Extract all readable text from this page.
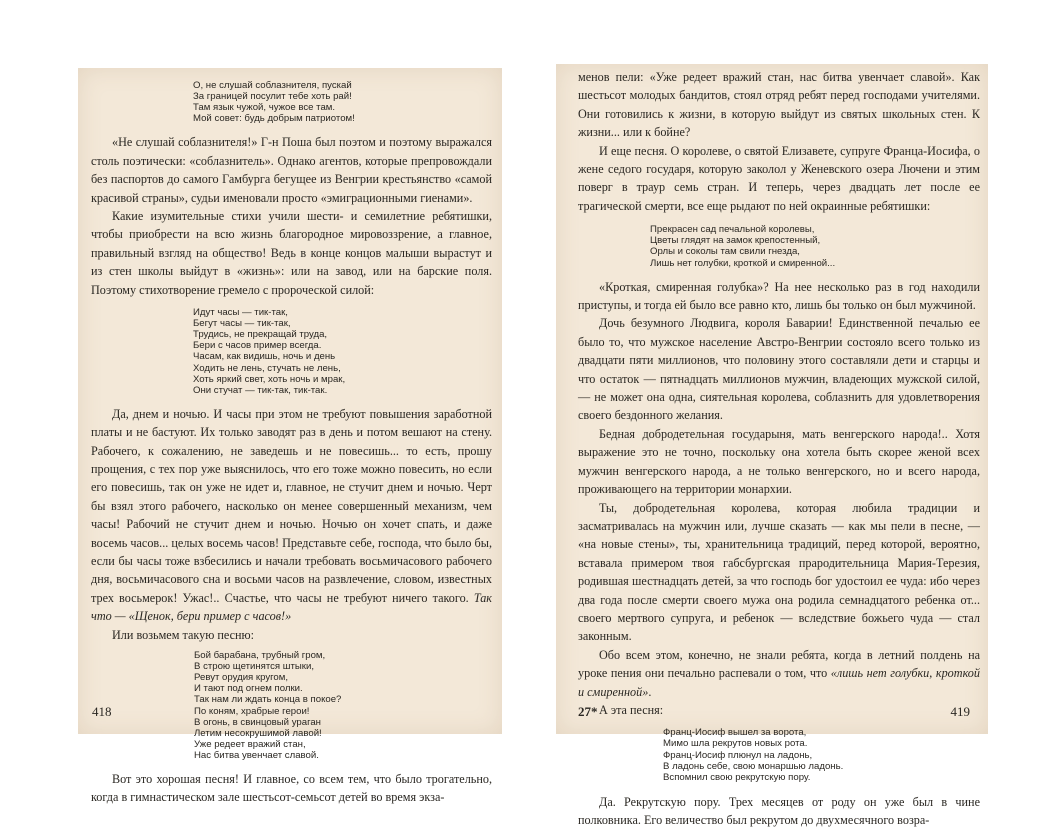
О, не слушай соблазнителя, пускай
За границей посулит тебе хоть рай!
Там язык чужой, чужое все там.
Мой совет: будь добрым патриотом!

«Не слушай соблазнителя!» Г-н Поша был поэтом и поэтому выражался столь поэтически: «соблазнитель». Однако агентов, которые препровождали без паспортов до самого Гамбурга бегущее из Венгрии крестьянство «самой красивой страны», судьи именовали просто «эмиграционными гиенами».

Какие изумительные стихи учили шести- и семилетние ребятишки, чтобы приобрести на всю жизнь благородное мировоззрение, а главное, правильный взгляд на общество! Ведь в конце концов малыши вырастут и из стен школы выйдут в «жизнь»: или на завод, или на барские поля. Поэтому стихотворение гремело с пророческой силой:

Идут часы — тик-так,
Бегут часы — тик-так,
Трудись, не прекращай труда,
Бери с часов пример всегда.
Часам, как видишь, ночь и день
Ходить не лень, стучать не лень,
Хоть яркий свет, хоть ночь и мрак,
Они стучат — тик-так, тик-так.

Да, днем и ночью. И часы при этом не требуют повышения заработной платы и не бастуют. Их только заводят раз в день и потом вешают на стену. Рабочего, к сожалению, не заведешь и не повесишь... то есть, прошу прощения, с тех пор уже выяснилось, что его тоже можно повесить, но если его повесишь, так он уже не идет и, главное, не стучит днем и ночью. Черт бы взял этого рабочего, насколько он менее совершенный механизм, чем часы! Рабочий не стучит днем и ночью. Ночью он хочет спать, и даже восемь часов... целых восемь часов! Представьте себе, господа, что было бы, если бы часы тоже взбесились и начали требовать восьмичасового рабочего дня, восьмичасового сна и восьми часов на развлечение, словом, известных трех восьмерок! Ужас!.. Счастье, что часы не требуют ничего такого. Так что — «Щенок, бери пример с часов!»

Или возьмем такую песню:

Бой барабана, трубный гром,
В строю щетинятся штыки,
Ревут орудия кругом,
И тают под огнем полки.
Так нам ли ждать конца в покое?
По коням, храбрые герои!
В огонь, в свинцовый ураган
Летим несокрушимой лавой!
Уже редеет вражий стан,
Нас битва увенчает славой.

Вот это хорошая песня! И главное, со всем тем, что было трогательно, когда в гимнастическом зале шестьсот-семьсот детей во время экза-

418

менов пели: «Уже редеет вражий стан, нас битва увенчает славой». Как шестьсот молодых бандитов, стоял отряд ребят перед господами учителями. Они готовились к жизни, в которую выйдут из святых школьных стен. К жизни... или к бойне?

И еще песня. О королеве, о святой Елизавете, супруге Франца-Иосифа, о жене седого государя, которую заколол у Женевского озера Лючени и этим поверг в траур семь стран. И теперь, через двадцать лет после ее трагической смерти, все еще рыдают по ней окраинные ребятишки:

Прекрасен сад печальной королевы,
Цветы глядят на замок крепостенный,
Орлы и соколы там свили гнезда,
Лишь нет голубки, кроткой и смиренной...

«Кроткая, смиренная голубка»? На нее несколько раз в год находили приступы, и тогда ей было все равно кто, лишь бы только он был мужчиной.

Дочь безумного Людвига, короля Баварии! Единственной печалью ее было то, что мужское население Австро-Венгрии состояло всего только из двадцати пяти миллионов, что половину этого составляли дети и старцы и что остаток — пятнадцать миллионов мужчин, владеющих мужской силой, — не может она одна, сиятельная королева, соблазнить для удовлетворения своего бездонного желания.

Бедная добродетельная государыня, мать венгерского народа!.. Хотя выражение это не точно, поскольку она хотела быть скорее женой всех мужчин венгерского народа, а не только венгерского, но и всего народа, проживающего на территории монархии.

Ты, добродетельная королева, которая любила традиции и засматривалась на мужчин или, лучше сказать — как мы пели в песне, — «на новые стены», ты, хранительница традиций, перед которой, вероятно, вставала примером твоя габсбургская прародительница Мария-Терезия, родившая шестнадцать детей, за что господь бог удостоил ее чуда: ибо через два года после смерти своего мужа она родила семнадцатого ребенка от... своего мертвого супруга, и ребенок — вследствие божьего чуда — стал законным.

Обо всем этом, конечно, не знали ребята, когда в летний полдень на уроке пения они печально распевали о том, что «лишь нет голубки, кроткой и смиренной».

А эта песня:

Франц-Иосиф вышел за ворота,
Мимо шла рекрутов новых рота.
Франц-Иосиф плюнул на ладонь,
В ладонь себе, свою монаршью ладонь.
Вспомнил свою рекрутскую пору.

Да. Рекрутскую пору. Трех месяцев от роду он уже был в чине полковника. Его величество был рекрутом до двухмесячного возра-

27*	419
